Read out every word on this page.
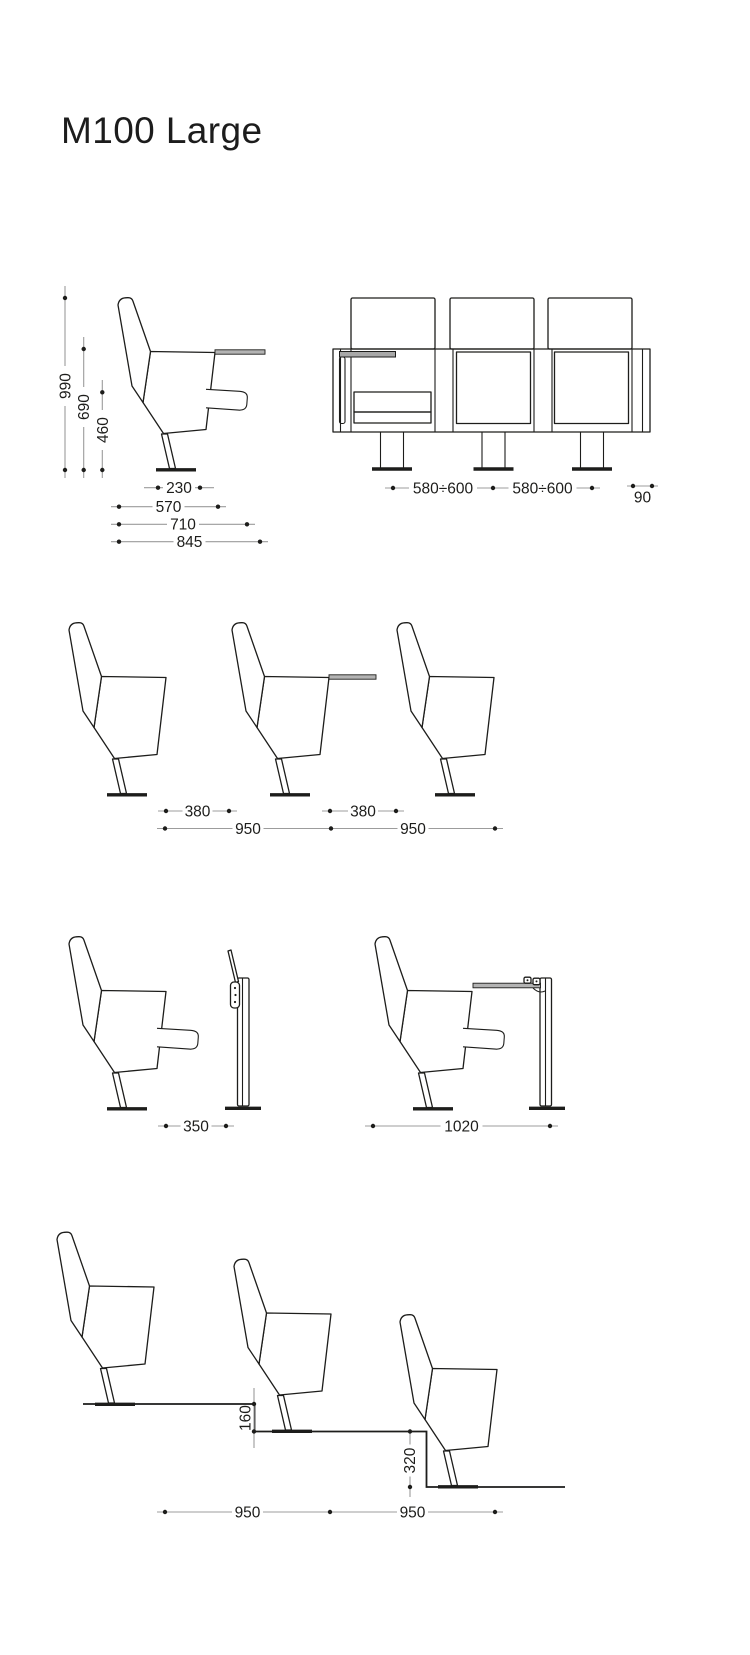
M100 Large
990
690
460
230
570
710
845
580÷600	580÷600
90
380	380
950	950
350	1020
160
320
950	950
